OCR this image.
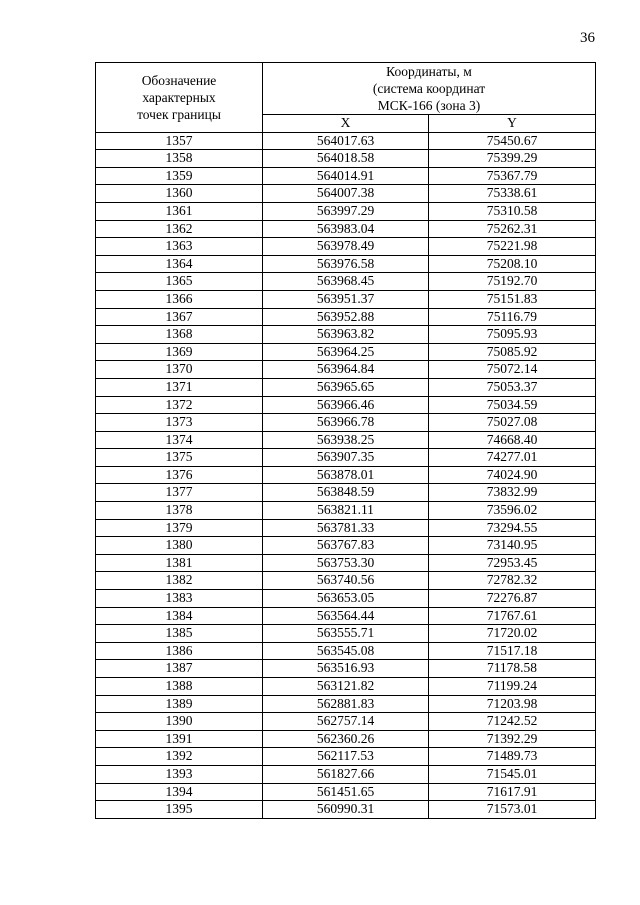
36
Обозначение
характерных
точек границы	Координаты, м
(система координат
МСК-166 (зона 3)	

	X	Y
1357	564017.63	75450.67
1358	564018.58	75399.29
1359	564014.91	75367.79
1360	564007.38	75338.61
1361	563997.29	75310.58
1362	563983.04	75262.31
1363	563978.49	75221.98
1364	563976.58	75208.10
1365	563968.45	75192.70
1366	563951.37	75151.83
1367	563952.88	75116.79
1368	563963.82	75095.93
1369	563964.25	75085.92
1370	563964.84	75072.14
1371	563965.65	75053.37
1372	563966.46	75034.59
1373	563966.78	75027.08
1374	563938.25	74668.40
1375	563907.35	74277.01
1376	563878.01	74024.90
1377	563848.59	73832.99
1378	563821.11	73596.02
1379	563781.33	73294.55
1380	563767.83	73140.95
1381	563753.30	72953.45
1382	563740.56	72782.32
1383	563653.05	72276.87
1384	563564.44	71767.61
1385	563555.71	71720.02
1386	563545.08	71517.18
1387	563516.93	71178.58
1388	563121.82	71199.24
1389	562881.83	71203.98
1390	562757.14	71242.52
1391	562360.26	71392.29
1392	562117.53	71489.73
1393	561827.66	71545.01
1394	561451.65	71617.91
1395	560990.31	71573.01
